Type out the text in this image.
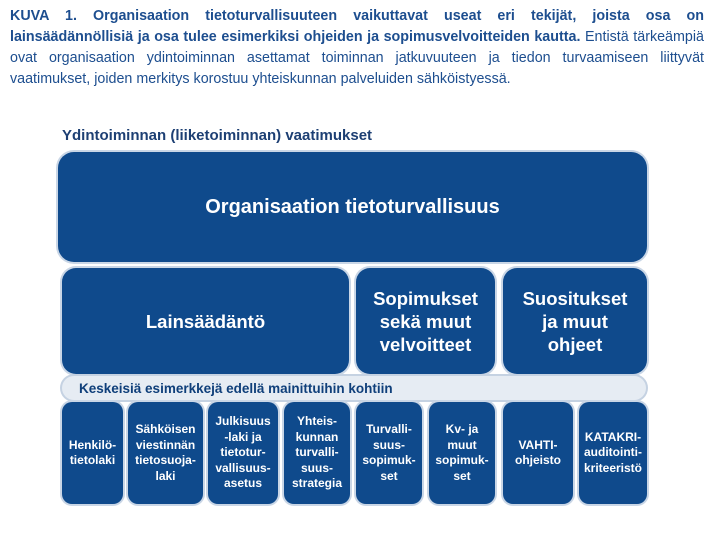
KUVA 1. Organisaation tietoturvallisuuteen vaikuttavat useat eri tekijät, joista osa on lainsäädännöllisiä ja osa tulee esimerkiksi ohjeiden ja sopimusvelvoitteiden kautta. Entistä tärkeämpiä ovat organisaation ydintoiminnan asettamat toiminnan jatkuvuuteen ja tiedon turvaamiseen liittyvät vaatimukset, joiden merkitys korostuu yhteiskunnan palveluiden sähköistyessä.
Ydintoiminnan (liiketoiminnan) vaatimukset
Organisaation tietoturvallisuus
Lainsäädäntö
Sopimukset
sekä muut
velvoitteet
Suositukset
ja muut
ohjeet
Keskeisiä esimerkkejä edellä mainittuihin kohtiin
Henkilö-
tietolaki
Sähköisen
viestinnän
tietosuoja-
laki
Julkisuus
-laki ja
tietotur-
vallisuus-
asetus
Yhteis-
kunnan
turvalli-
suus-
strategia
Turvalli-
suus-
sopimuk-
set
Kv- ja
muut
sopimuk-
set
VAHTI-
ohjeisto
KATAKRI-
auditointi-
kriteeristö
